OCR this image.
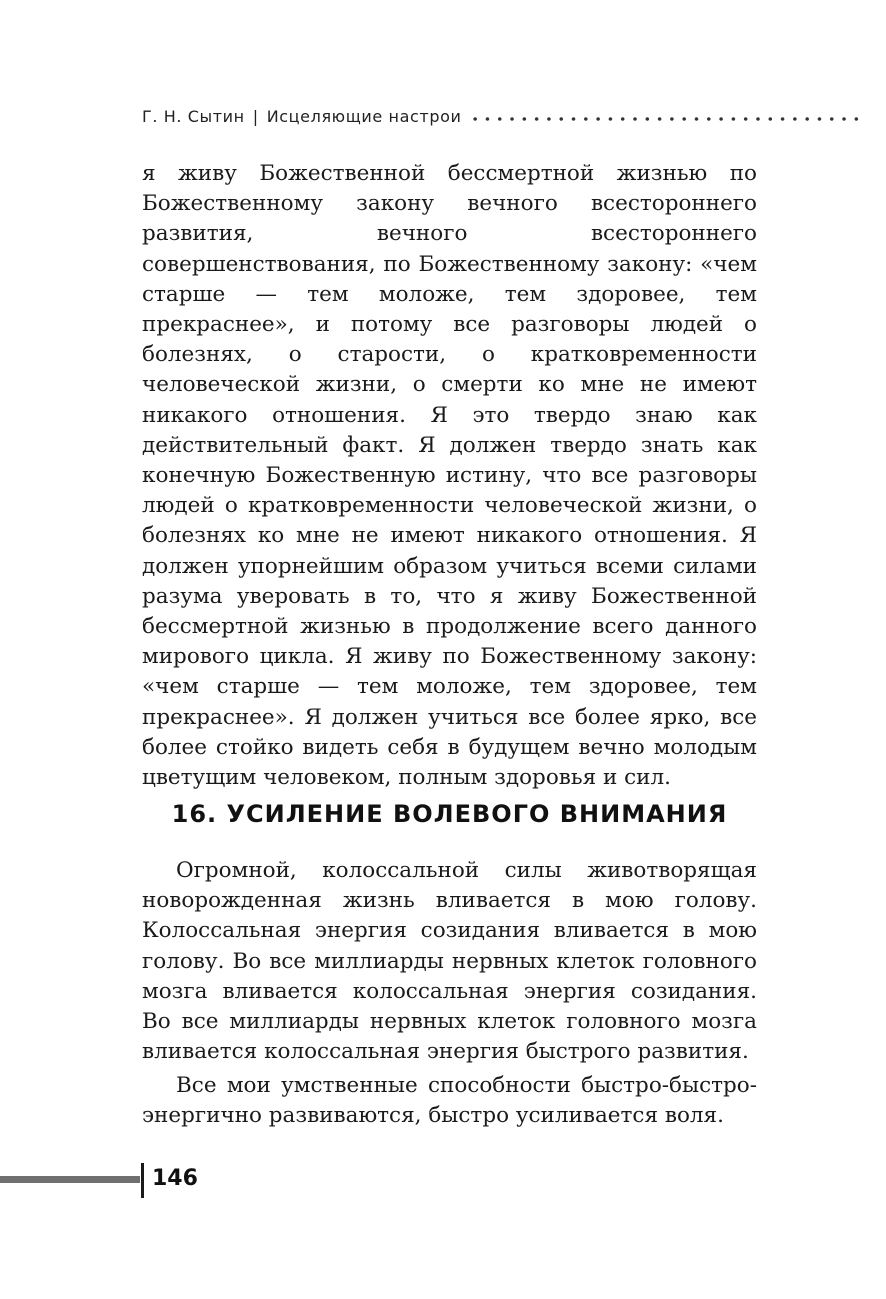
Г. Н. Сытин | Исцеляющие настрои

я живу Божественной бессмертной жизнью по Божественному закону вечного всестороннего развития, вечного всестороннего совершенствования, по Божественному закону: «чем старше — тем моложе, тем здоровее, тем прекраснее», и потому все разговоры людей о болезнях, о старости, о кратковременности человеческой жизни, о смерти ко мне не имеют никакого отношения. Я это твердо знаю как действительный факт. Я должен твердо знать как конечную Божественную истину, что все разговоры людей о кратковременности человеческой жизни, о болезнях ко мне не имеют никакого отношения. Я должен упорнейшим образом учиться всеми силами разума уверовать в то, что я живу Божественной бессмертной жизнью в продолжение всего данного мирового цикла. Я живу по Божественному закону: «чем старше — тем моложе, тем здоровее, тем прекраснее». Я должен учиться все более ярко, все более стойко видеть себя в будущем вечно молодым цветущим человеком, полным здоровья и сил.

16. УСИЛЕНИЕ ВОЛЕВОГО ВНИМАНИЯ

Огромной, колоссальной силы животворящая новорожденная жизнь вливается в мою голову. Колоссальная энергия созидания вливается в мою голову. Во все миллиарды нервных клеток головного мозга вливается колоссальная энергия созидания. Во все миллиарды нервных клеток головного мозга вливается колоссальная энергия быстрого развития.

Все мои умственные способности быстро-быстро-энергично развиваются, быстро усиливается воля.

146
